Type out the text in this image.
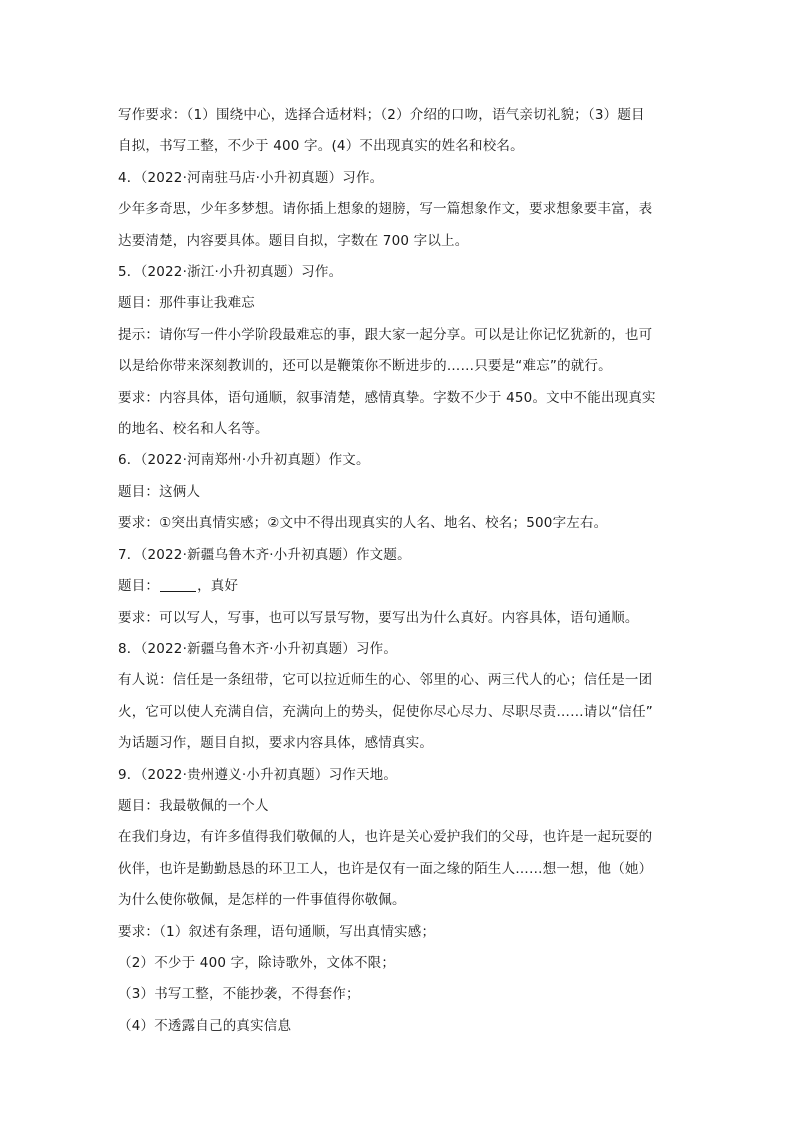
写作要求：（1）围绕中心，选择合适材料；（2）介绍的口吻，语气亲切礼貌；（3）题目
自拟，书写工整，不少于 400 字。(4）不出现真实的姓名和校名。
4．（2022·河南驻马店·小升初真题）习作。
少年多奇思，少年多梦想。请你插上想象的翅膀，写一篇想象作文，要求想象要丰富，表
达要清楚，内容要具体。题目自拟，字数在 700 字以上。
5．（2022·浙江·小升初真题）习作。
题目：那件事让我难忘
提示：请你写一件小学阶段最难忘的事，跟大家一起分享。可以是让你记忆犹新的，也可
以是给你带来深刻教训的，还可以是鞭策你不断进步的……只要是“难忘”的就行。
要求：内容具体，语句通顺，叙事清楚，感情真挚。字数不少于 450。文中不能出现真实
的地名、校名和人名等。
6．（2022·河南郑州·小升初真题）作文。
题目：这俩人
要求：①突出真情实感；②文中不得出现真实的人名、地名、校名；500字左右。
7．（2022·新疆乌鲁木齐·小升初真题）作文题。
题目：	，真好
要求：可以写人，写事，也可以写景写物，要写出为什么真好。内容具体，语句通顺。
8．（2022·新疆乌鲁木齐·小升初真题）习作。
有人说：信任是一条纽带，它可以拉近师生的心、邻里的心、两三代人的心；信任是一团
火，它可以使人充满自信，充满向上的势头，促使你尽心尽力、尽职尽责……请以“信任”
为话题习作，题目自拟，要求内容具体，感情真实。
9．（2022·贵州遵义·小升初真题）习作天地。
题目：我最敬佩的一个人
在我们身边，有许多值得我们敬佩的人，也许是关心爱护我们的父母，也许是一起玩耍的
伙伴，也许是勤勤恳恳的环卫工人，也许是仅有一面之缘的陌生人……想一想，他（她）
为什么使你敬佩，是怎样的一件事值得你敬佩。
要求：（1）叙述有条理，语句通顺，写出真情实感；
（2）不少于 400 字，除诗歌外，文体不限；
（3）书写工整，不能抄袭，不得套作；
（4）不透露自己的真实信息
